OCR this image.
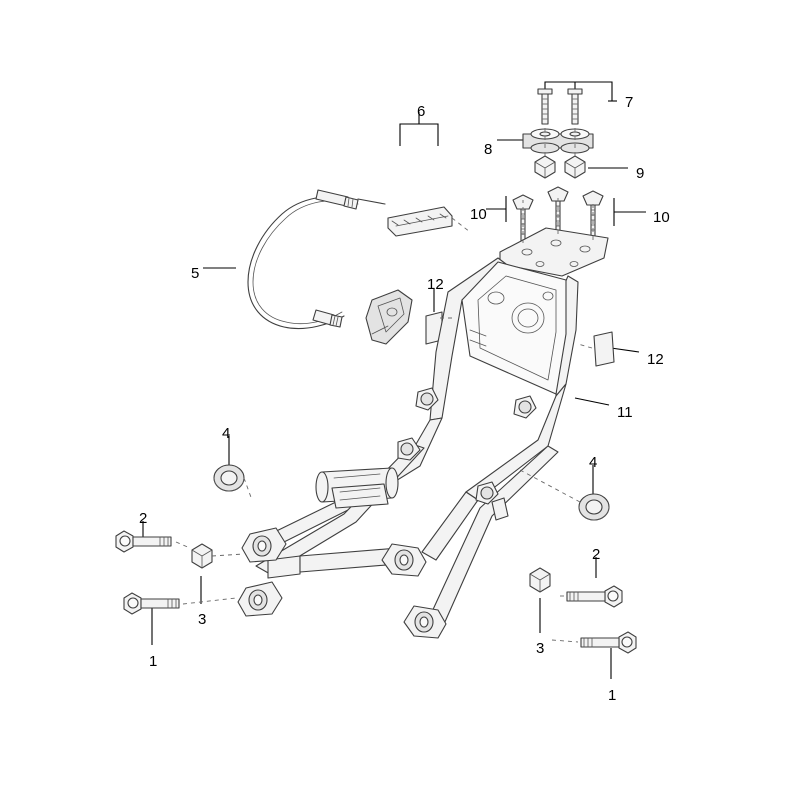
7
6
8
9
10	10
5
12
12
11
4
4
2
2
3
3
1
1
